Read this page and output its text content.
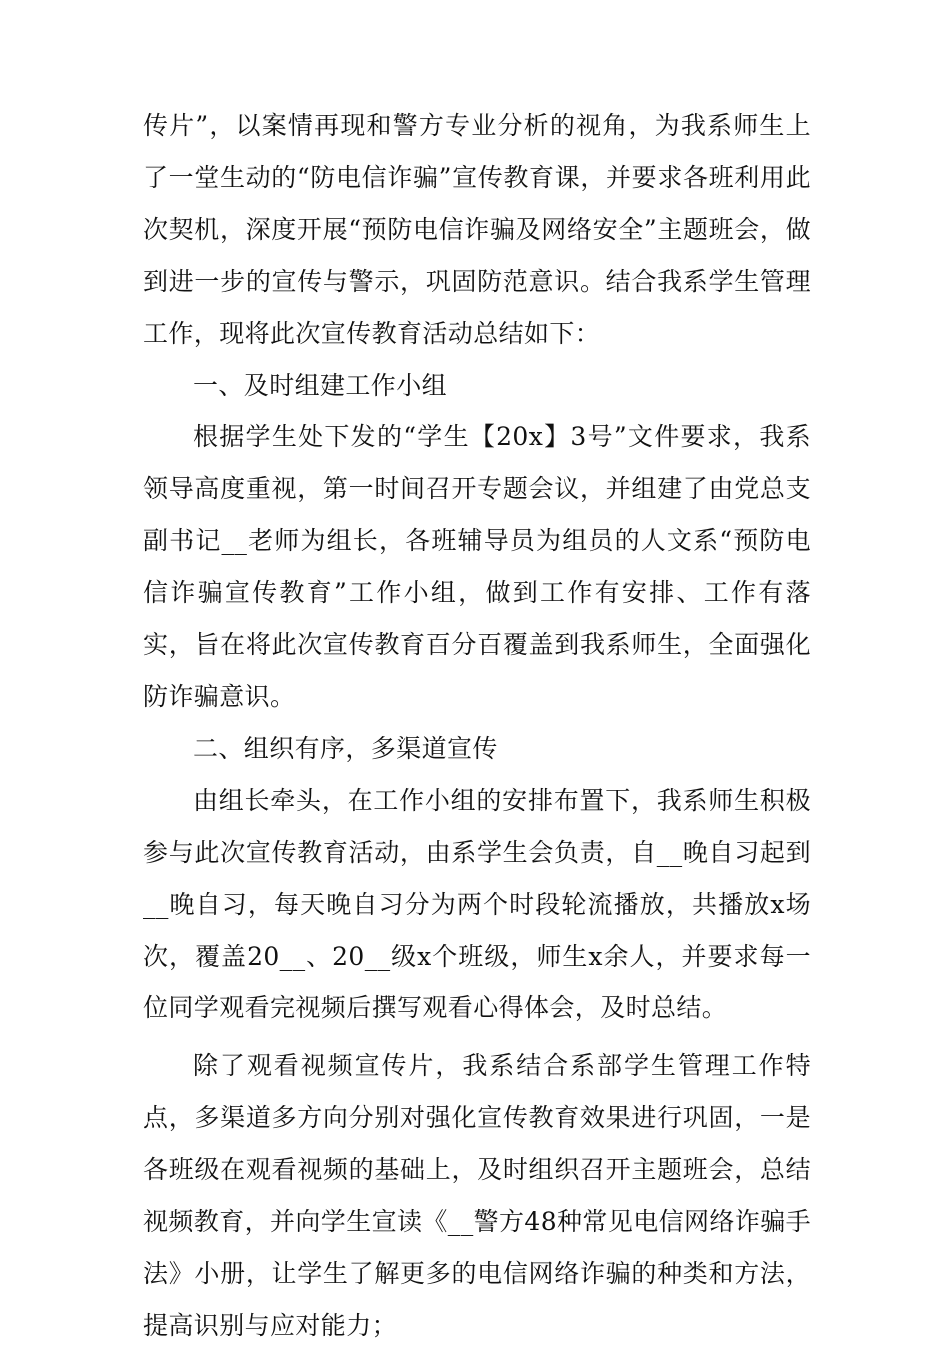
传片”，以案情再现和警方专业分析的视角，为我系师生上了一堂生动的“防电信诈骗”宣传教育课，并要求各班利用此次契机，深度开展“预防电信诈骗及网络安全”主题班会，做到进一步的宣传与警示，巩固防范意识。结合我系学生管理工作，现将此次宣传教育活动总结如下：

一、及时组建工作小组

根据学生处下发的“学生【20x】3号”文件要求，我系领导高度重视，第一时间召开专题会议，并组建了由党总支副书记__老师为组长，各班辅导员为组员的人文系“预防电信诈骗宣传教育”工作小组，做到工作有安排、工作有落实，旨在将此次宣传教育百分百覆盖到我系师生，全面强化防诈骗意识。

二、组织有序，多渠道宣传

由组长牵头，在工作小组的安排布置下，我系师生积极参与此次宣传教育活动，由系学生会负责，自__晚自习起到__晚自习，每天晚自习分为两个时段轮流播放，共播放x场次，覆盖20__、20__级x个班级，师生x余人，并要求每一位同学观看完视频后撰写观看心得体会，及时总结。

除了观看视频宣传片，我系结合系部学生管理工作特点，多渠道多方向分别对强化宣传教育效果进行巩固，一是各班级在观看视频的基础上，及时组织召开主题班会，总结视频教育，并向学生宣读《__警方48种常见电信网络诈骗手法》小册，让学生了解更多的电信网络诈骗的种类和方法，提高识别与应对能力；
